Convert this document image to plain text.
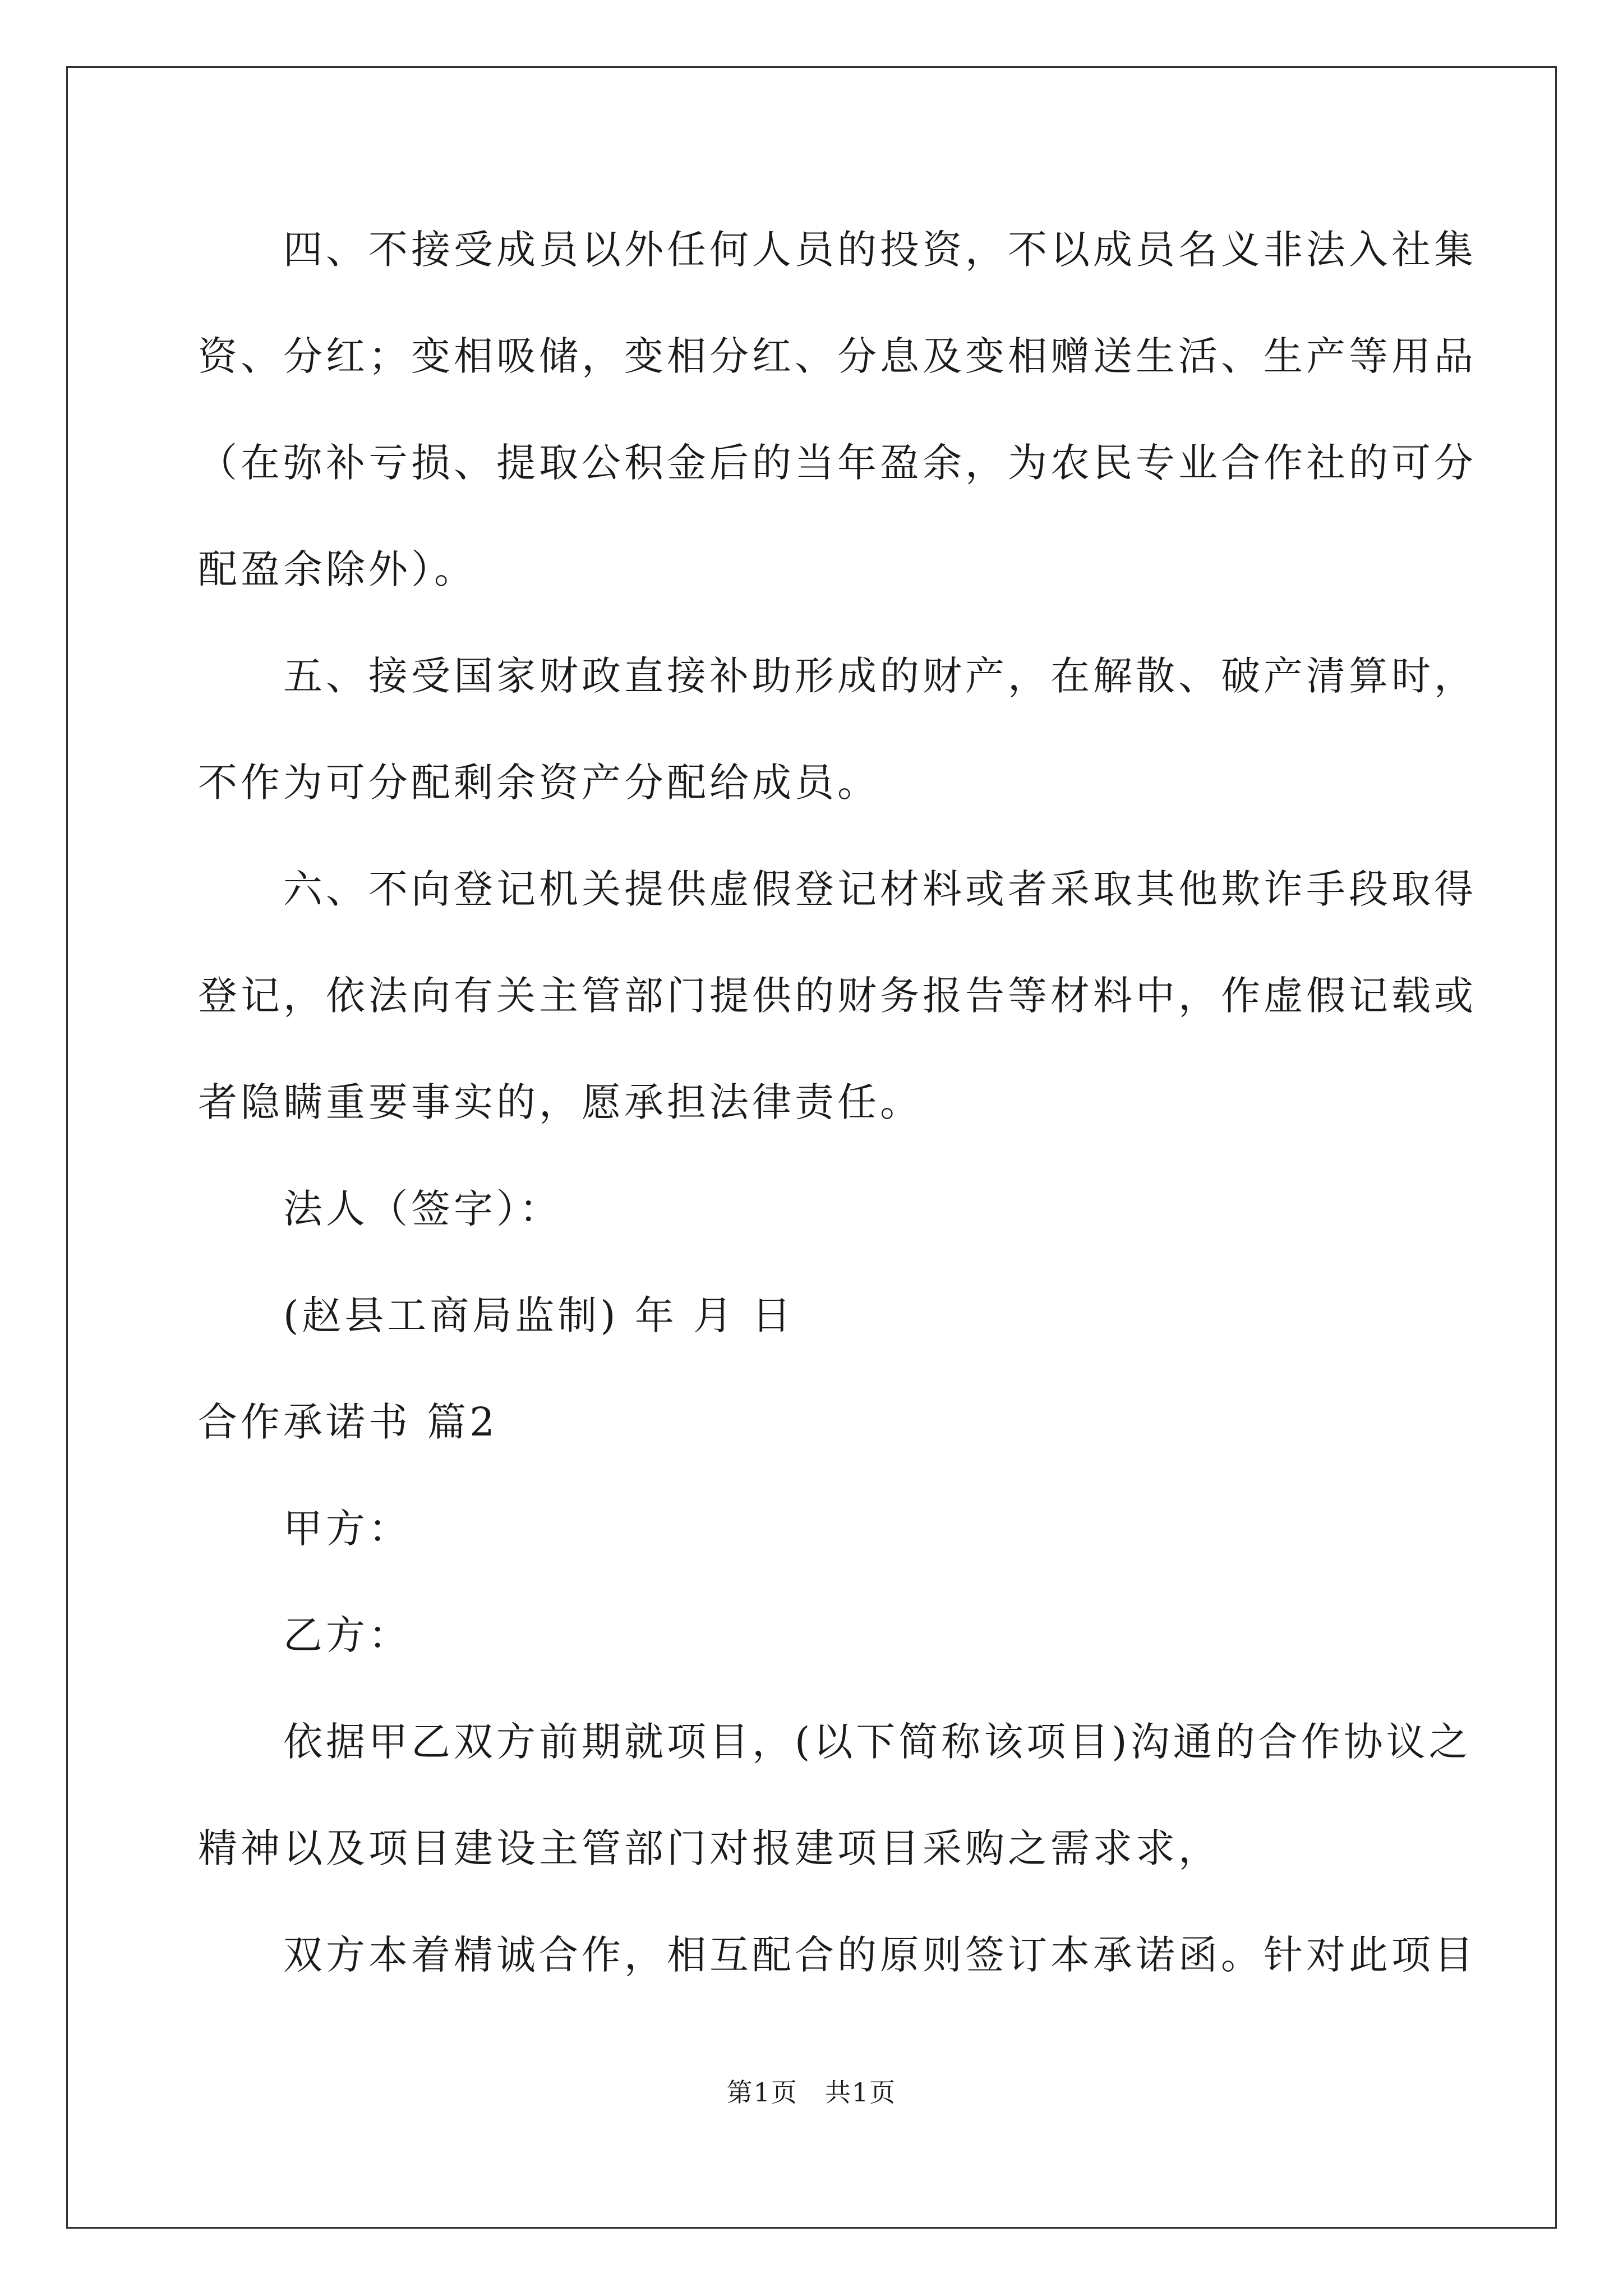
　　四、不接受成员以外任何人员的投资，不以成员名义非法入社集
资、分红；变相吸储，变相分红、分息及变相赠送生活、生产等用品
（在弥补亏损、提取公积金后的当年盈余，为农民专业合作社的可分
配盈余除外）。
　　五、接受国家财政直接补助形成的财产，在解散、破产清算时，
不作为可分配剩余资产分配给成员。
　　六、不向登记机关提供虚假登记材料或者采取其他欺诈手段取得
登记，依法向有关主管部门提供的财务报告等材料中，作虚假记载或
者隐瞒重要事实的，愿承担法律责任。
　　法人（签字）：
　　(赵县工商局监制) 年 月 日
合作承诺书 篇2
　　甲方：
　　乙方：
　　依据甲乙双方前期就项目，(以下简称该项目)沟通的合作协议之
精神以及项目建设主管部门对报建项目采购之需求求，
　　双方本着精诚合作，相互配合的原则签订本承诺函。针对此项目
第1页　共1页
